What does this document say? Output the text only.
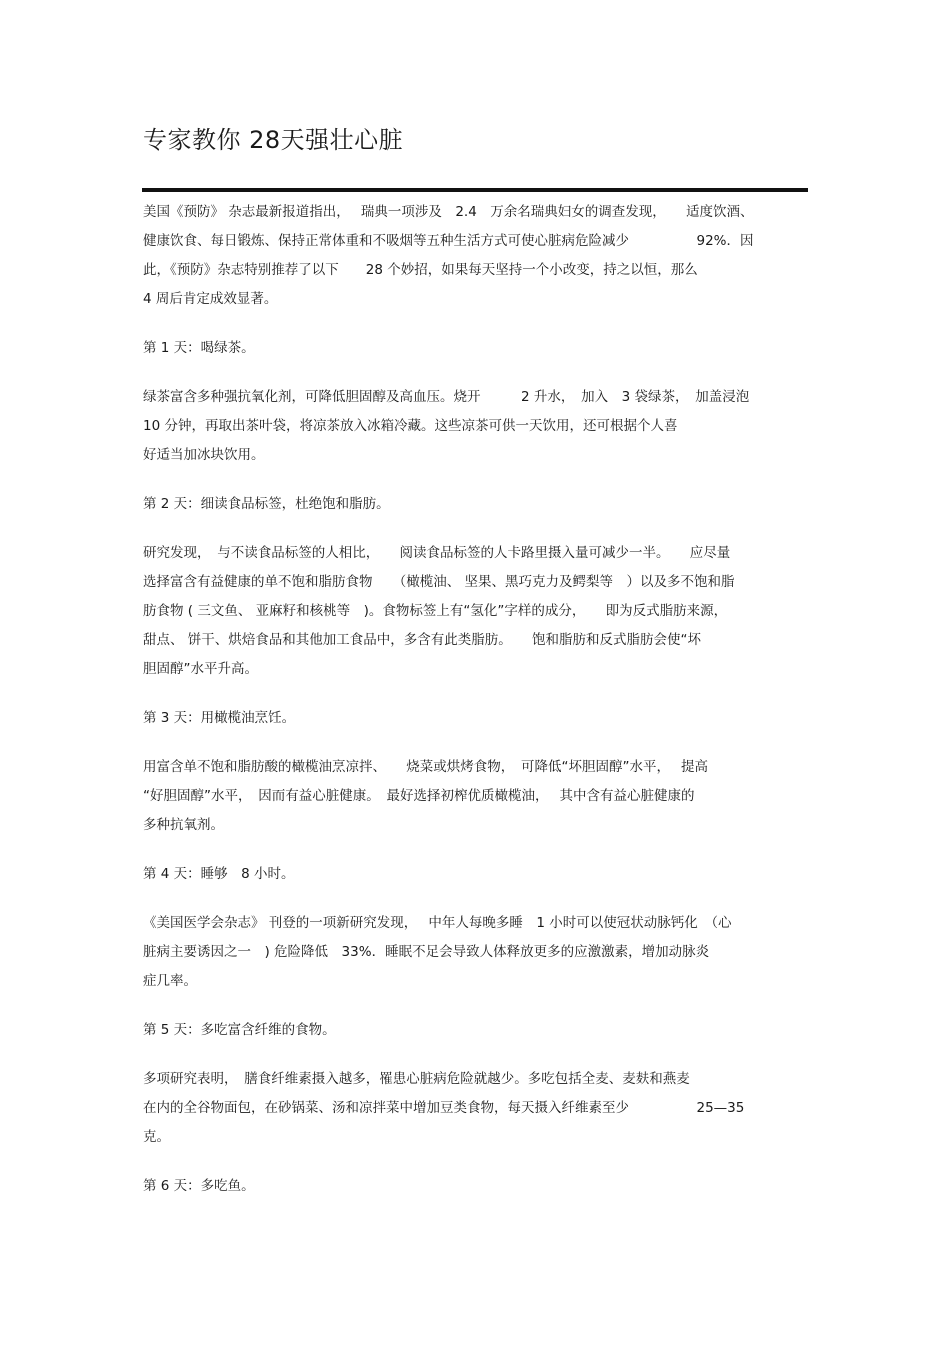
专家教你 28天强壮心脏

美国《预防》 杂志最新报道指出，　 瑞典一项涉及　2.4　万余名瑞典妇女的调查发现，　　适度饮酒、
健康饮食、每日锻炼、保持正常体重和不吸烟等五种生活方式可使心脏病危险减少　　　　　92%．因
此，《预防》杂志特别推荐了以下　　28 个妙招，如果每天坚持一个小改变，持之以恒，那么
4 周后肯定成效显著。

第 1 天：喝绿茶。

绿茶富含多种强抗氧化剂，可降低胆固醇及高血压。烧开　　　2 升水，　加入　3 袋绿茶，　加盖浸泡
10 分钟，再取出茶叶袋，将凉茶放入冰箱冷藏。这些凉茶可供一天饮用，还可根据个人喜
好适当加冰块饮用。

第 2 天：细读食品标签，杜绝饱和脂肪。

研究发现，　与不读食品标签的人相比，　　阅读食品标签的人卡路里摄入量可减少一半。　　应尽量
选择富含有益健康的单不饱和脂肪食物　　（橄榄油、 坚果、黑巧克力及鳄梨等　）以及多不饱和脂
肪食物 ( 三文鱼、 亚麻籽和核桃等　)。食物标签上有“氢化”字样的成分，　　即为反式脂肪来源，
甜点、 饼干、烘焙食品和其他加工食品中，多含有此类脂肪。　　饱和脂肪和反式脂肪会使“坏
胆固醇”水平升高。

第 3 天：用橄榄油烹饪。

用富含单不饱和脂肪酸的橄榄油烹凉拌、　　烧菜或烘烤食物，　可降低“坏胆固醇”水平，　 提高
“好胆固醇”水平，　因而有益心脏健康。　最好选择初榨优质橄榄油，　 其中含有益心脏健康的
多种抗氧剂。

第 4 天：睡够　8 小时。

《美国医学会杂志》 刊登的一项新研究发现，　 中年人每晚多睡　1 小时可以使冠状动脉钙化　（心
脏病主要诱因之一　) 危险降低　33%．睡眠不足会导致人体释放更多的应激激素，增加动脉炎
症几率。

第 5 天：多吃富含纤维的食物。

多项研究表明，　膳食纤维素摄入越多，罹患心脏病危险就越少。多吃包括全麦、麦麸和燕麦
在内的全谷物面包，在砂锅菜、汤和凉拌菜中增加豆类食物，每天摄入纤维素至少　　　　　25—35
克。

第 6 天：多吃鱼。
